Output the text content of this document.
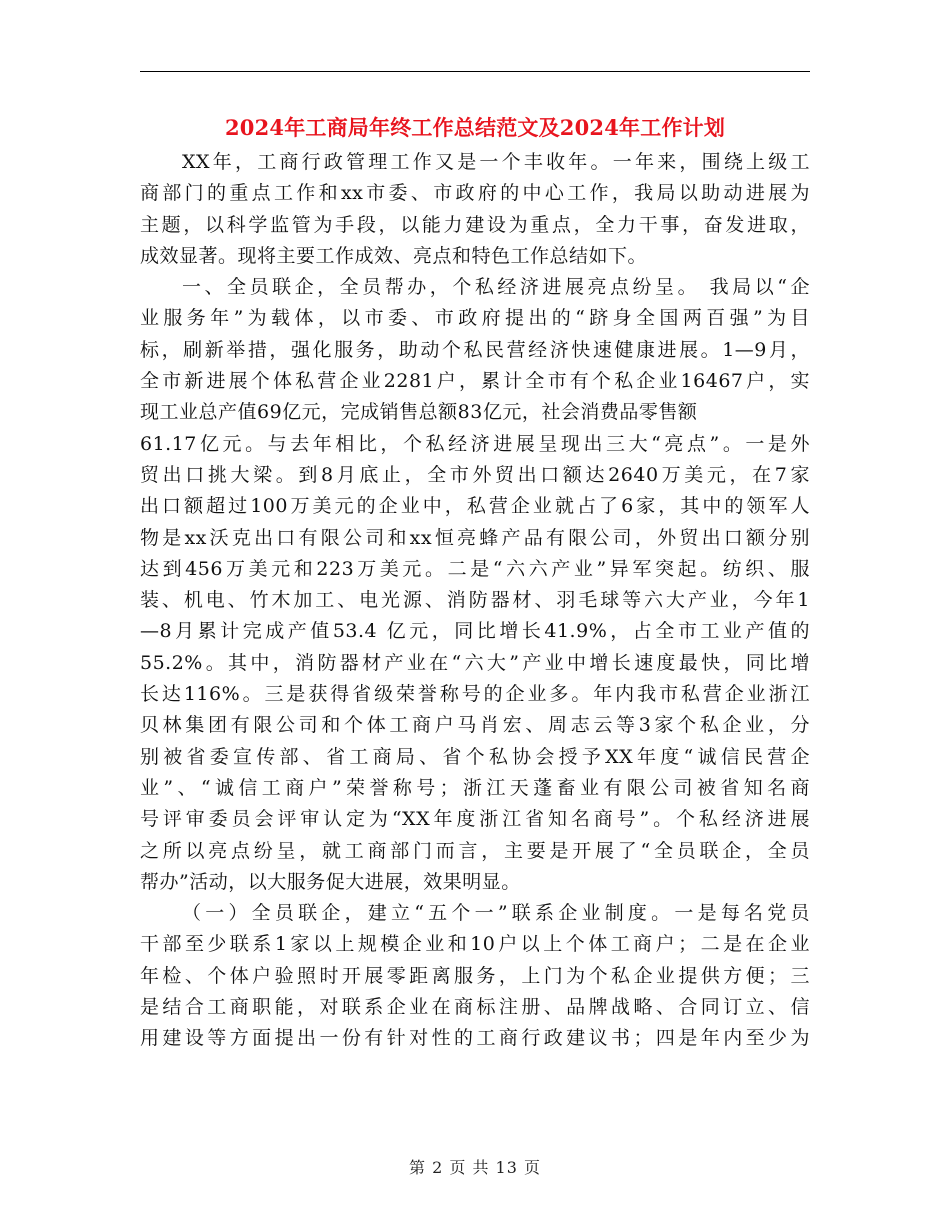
2024年工商局年终工作总结范文及2024年工作计划
XX年，工商行政管理工作又是一个丰收年。一年来，围绕上级工
商部门的重点工作和xx市委、市政府的中心工作，我局以助动进展为
主题，以科学监管为手段，以能力建设为重点，全力干事，奋发进取，
成效显著。现将主要工作成效、亮点和特色工作总结如下。
一、全员联企，全员帮办，个私经济进展亮点纷呈。 我局以“企
业服务年”为载体，以市委、市政府提出的“跻身全国两百强”为目
标，刷新举措，强化服务，助动个私民营经济快速健康进展。1—9月，
全市新进展个体私营企业2281户，累计全市有个私企业16467户，实
现工业总产值69亿元，完成销售总额83亿元，社会消费品零售额
61.17亿元。与去年相比，个私经济进展呈现出三大“亮点”。一是外
贸出口挑大梁。到8月底止，全市外贸出口额达2640万美元，在7家
出口额超过100万美元的企业中，私营企业就占了6家，其中的领军人
物是xx沃克出口有限公司和xx恒亮蜂产品有限公司，外贸出口额分别
达到456万美元和223万美元。二是“六六产业”异军突起。纺织、服
装、机电、竹木加工、电光源、消防器材、羽毛球等六大产业，今年1
—8月累计完成产值53.4 亿元，同比增长41.9%，占全市工业产值的
55.2%。其中，消防器材产业在“六大”产业中增长速度最快，同比增
长达116%。三是获得省级荣誉称号的企业多。年内我市私营企业浙江
贝林集团有限公司和个体工商户马肖宏、周志云等3家个私企业，分
别被省委宣传部、省工商局、省个私协会授予XX年度“诚信民营企
业”、“诚信工商户”荣誉称号；浙江天蓬畜业有限公司被省知名商
号评审委员会评审认定为“XX年度浙江省知名商号”。个私经济进展
之所以亮点纷呈，就工商部门而言，主要是开展了“全员联企，全员
帮办”活动，以大服务促大进展，效果明显。
（一）全员联企，建立“五个一”联系企业制度。一是每名党员
干部至少联系1家以上规模企业和10户以上个体工商户；二是在企业
年检、个体户验照时开展零距离服务，上门为个私企业提供方便；三
是结合工商职能，对联系企业在商标注册、品牌战略、合同订立、信
用建设等方面提出一份有针对性的工商行政建议书；四是年内至少为
第 2 页 共 13 页
